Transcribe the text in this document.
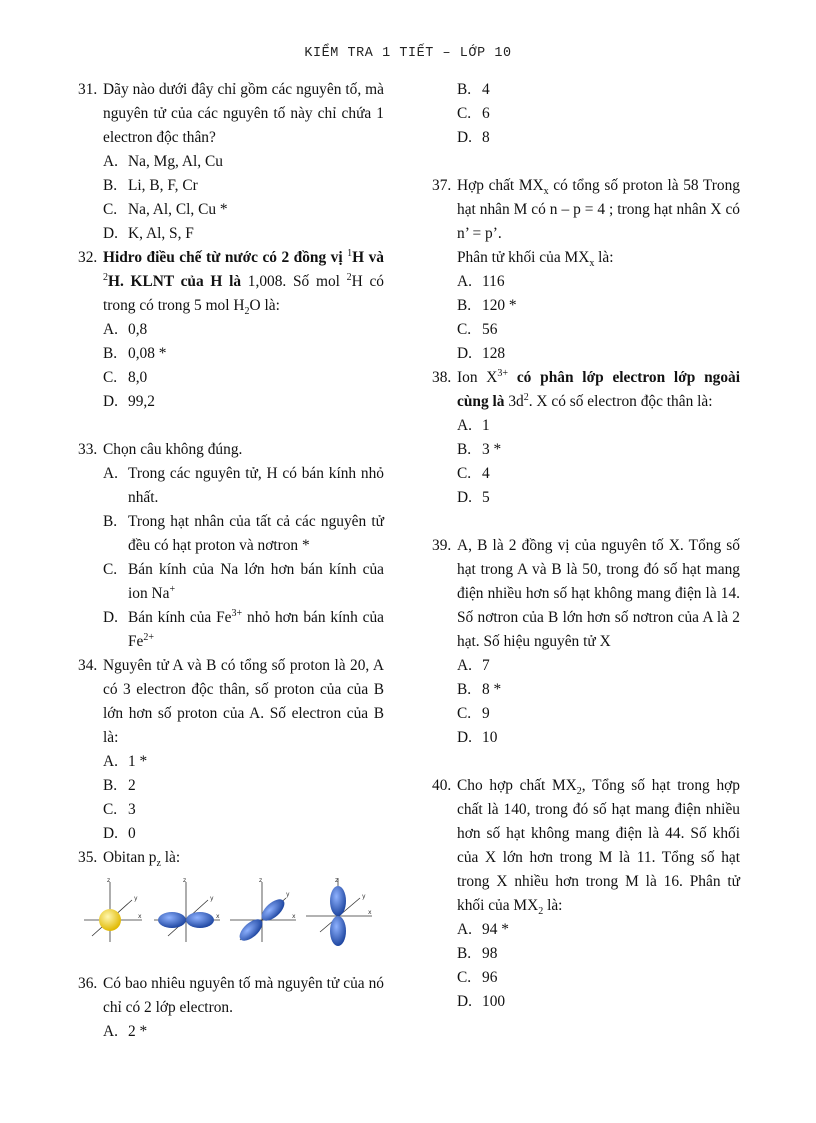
KIỂM TRA 1 TIẾT – LỚP 10
31. Dãy nào dưới đây chỉ gồm các nguyên tố, mà nguyên tử của các nguyên tố này chỉ chứa 1 electron độc thân?
A. Na, Mg, Al, Cu
B. Li, B, F, Cr
C. Na, Al, Cl, Cu *
D. K, Al, S, F
32. Hidro điều chế từ nước có 2 đồng vị $^1$H và $^2$H. KLNT của H là 1,008. Số mol $^2$H có trong có trong 5 mol $H_2O$ là:
A. 0,8
B. 0,08 *
C. 8,0
D. 99,2
33. Chọn câu không đúng.
A. Trong các nguyên tử, H có bán kính nhỏ nhất.
B. Trong hạt nhân của tất cả các nguyên tử đều có hạt proton và nơtron *
C. Bán kính của Na lớn hơn bán kính của ion Na+
D. Bán kính của $Fe^{3+}$ nhỏ hơn bán kính của $Fe^{2+}$
34. Nguyên tử A và B có tổng số proton là 20, A có 3 electron độc thân, số proton của của B lớn hơn số proton của A. Số electron của B là:
A. 1 *
B. 2
C. 3
D. 0
35. Obitan $p_z$ là:
z
y
x
z
y
x
z
y
x
z
y
x
36. Có bao nhiêu nguyên tố mà nguyên tử của nó chỉ có 2 lớp electron.
A. 2 *
B. 4
C. 6
D. 8
37. Hợp chất $MX_x$ có tổng số proton là 58 Trong hạt nhân M có n – p = 4 ; trong hạt nhân X có n’ = p’.
Phân tử khối của $MX_x$ là:
A. 116
B. 120 *
C. 56
D. 128
38. Ion $X^{3+}$ có phân lớp electron lớp ngoài cùng là $3d^2$. X có số electron độc thân là:
A. 1
B. 3 *
C. 4
D. 5
39. A, B là 2 đồng vị của nguyên tố X. Tổng số hạt trong A và B là 50, trong đó số hạt mang điện nhiều hơn số hạt không mang điện là 14. Số nơtron của B lớn hơn số nơtron của A là 2 hạt. Số hiệu nguyên tử X
A. 7
B. 8 *
C. 9
D. 10
40. Cho hợp chất $MX_2$, Tổng số hạt trong hợp chất là 140, trong đó số hạt mang điện nhiều hơn số hạt không mang điện là 44. Số khối của X lớn hơn trong M là 11. Tổng số hạt trong X nhiều hơn trong M là 16. Phân tử khối của $MX_2$ là:
A. 94 *
B. 98
C. 96
D. 100
